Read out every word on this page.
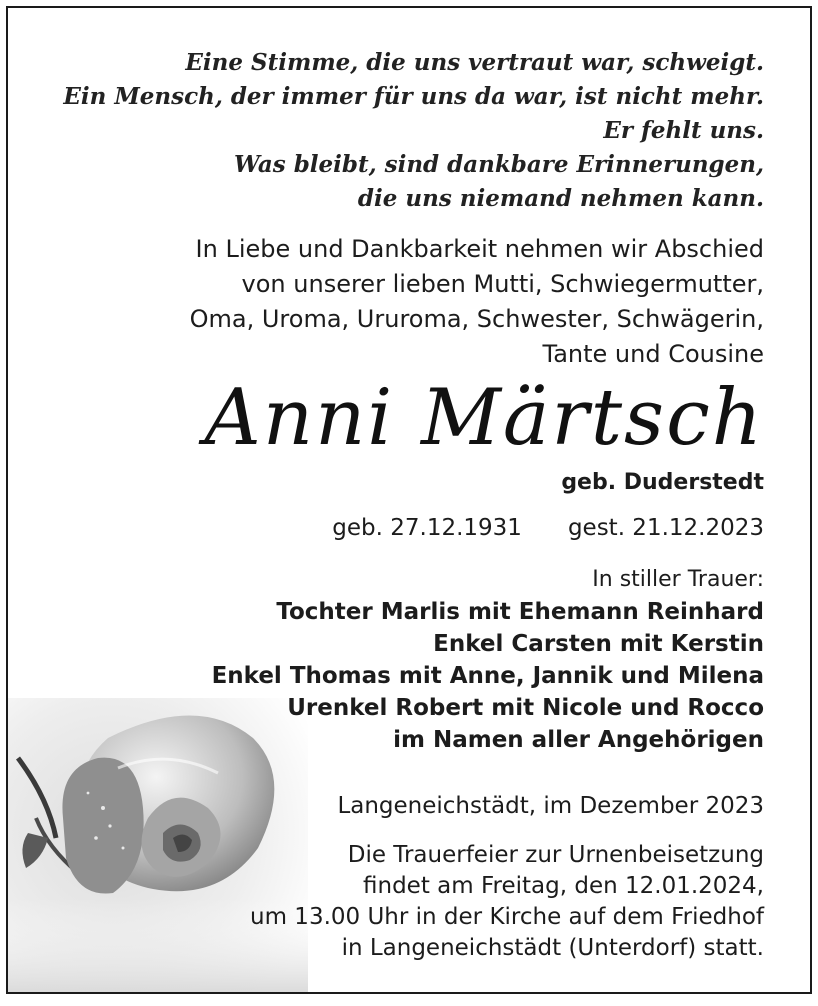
Eine Stimme, die uns vertraut war, schweigt.
Ein Mensch, der immer für uns da war, ist nicht mehr.
Er fehlt uns.
Was bleibt, sind dankbare Erinnerungen,
die uns niemand nehmen kann.
In Liebe und Dankbarkeit nehmen wir Abschied
von unserer lieben Mutti, Schwiegermutter,
Oma, Uroma, Ururoma, Schwester, Schwägerin,
Tante und Cousine
Anni Märtsch
geb. Duderstedt
geb. 27.12.1931 gest. 21.12.2023
In stiller Trauer:
Tochter Marlis mit Ehemann Reinhard
Enkel Carsten mit Kerstin
Enkel Thomas mit Anne, Jannik und Milena
Urenkel Robert mit Nicole und Rocco
im Namen aller Angehörigen
Langeneichstädt, im Dezember 2023
Die Trauerfeier zur Urnenbeisetzung
findet am Freitag, den 12.01.2024,
um 13.00 Uhr in der Kirche auf dem Friedhof
in Langeneichstädt (Unterdorf) statt.
